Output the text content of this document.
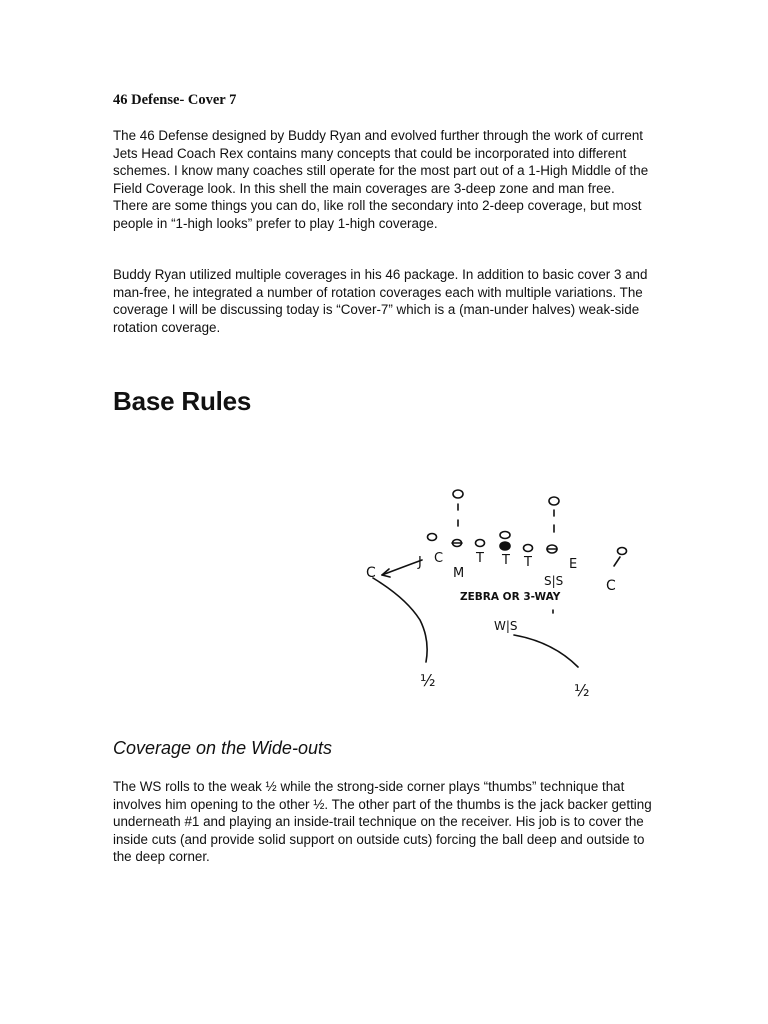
46 Defense- Cover 7

The 46 Defense designed by Buddy Ryan and evolved further through the work of current Jets Head Coach Rex contains many concepts that could be incorporated into different schemes. I know many coaches still operate for the most part out of a 1-High Middle of the Field Coverage look. In this shell the main coverages are 3-deep zone and man free. There are some things you can do, like roll the secondary into 2-deep coverage, but most people in “1-high looks” prefer to play 1-high coverage.

Buddy Ryan utilized multiple coverages in his 46 package. In addition to basic cover 3 and man-free, he integrated a number of rotation coverages each with multiple variations. The coverage I will be discussing today is “Cover-7” which is a (man-under halves) weak-side rotation coverage.

Base Rules
J C
M
T T T	E
S|S
ZEBRA OR 3-WAY
W|S
½
½
C
C
Coverage on the Wide-outs

The WS rolls to the weak ½ while the strong-side corner plays “thumbs” technique that involves him opening to the other ½. The other part of the thumbs is the jack backer getting underneath #1 and playing an inside-trail technique on the receiver. His job is to cover the inside cuts (and provide solid support on outside cuts) forcing the ball deep and outside to the deep corner.
